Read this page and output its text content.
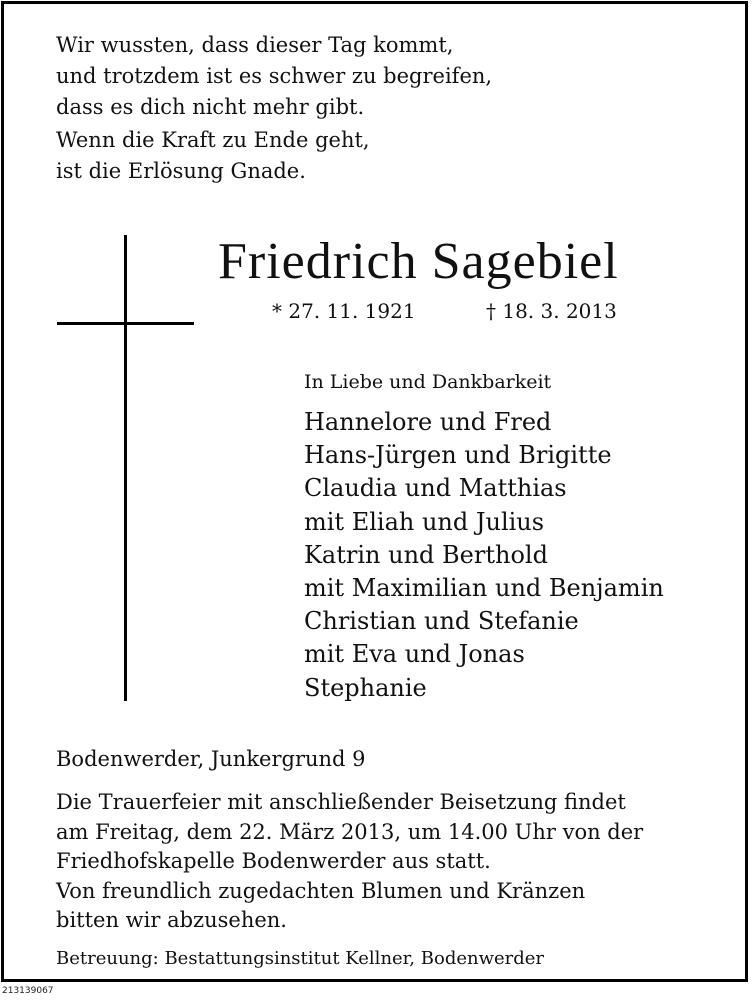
Wir wussten, dass dieser Tag kommt,
und trotzdem ist es schwer zu begreifen,
dass es dich nicht mehr gibt.
Wenn die Kraft zu Ende geht,
ist die Erlösung Gnade.
Friedrich Sagebiel
* 27. 11. 1921	† 18. 3. 2013
In Liebe und Dankbarkeit
Hannelore und Fred
Hans-Jürgen und Brigitte
Claudia und Matthias
mit Eliah und Julius
Katrin und Berthold
mit Maximilian und Benjamin
Christian und Stefanie
mit Eva und Jonas
Stephanie
Bodenwerder, Junkergrund 9
Die Trauerfeier mit anschließender Beisetzung findet
am Freitag, dem 22. März 2013, um 14.00 Uhr von der
Friedhofskapelle Bodenwerder aus statt.
Von freundlich zugedachten Blumen und Kränzen
bitten wir abzusehen.
Betreuung: Bestattungsinstitut Kellner, Bodenwerder
213139067
